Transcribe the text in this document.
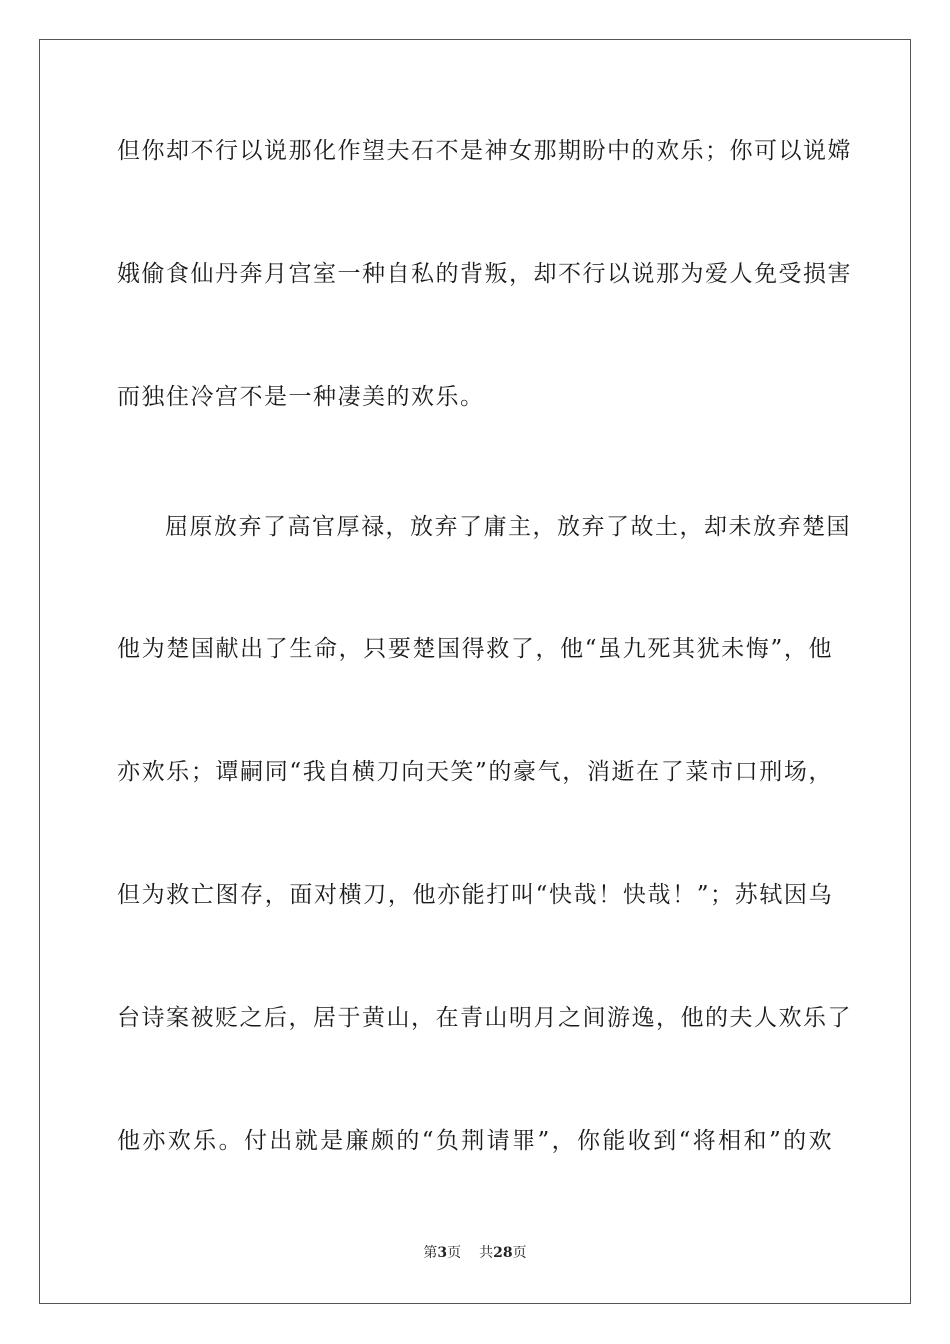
但你却不行以说那化作望夫石不是神女那期盼中的欢乐；你可以说嫦
娥偷食仙丹奔月宫室一种自私的背叛，却不行以说那为爱人免受损害
而独住冷宫不是一种凄美的欢乐。
屈原放弃了高官厚禄，放弃了庸主，放弃了故土，却未放弃楚国
他为楚国献出了生命，只要楚国得救了，他“虽九死其犹未悔”，他
亦欢乐；谭嗣同“我自横刀向天笑”的豪气，消逝在了菜市口刑场，
但为救亡图存，面对横刀，他亦能打叫“快哉！快哉！”；苏轼因乌
台诗案被贬之后，居于黄山，在青山明月之间游逸，他的夫人欢乐了
他亦欢乐。付出就是廉颇的“负荆请罪”，你能收到“将相和”的欢
第3页 共28页
